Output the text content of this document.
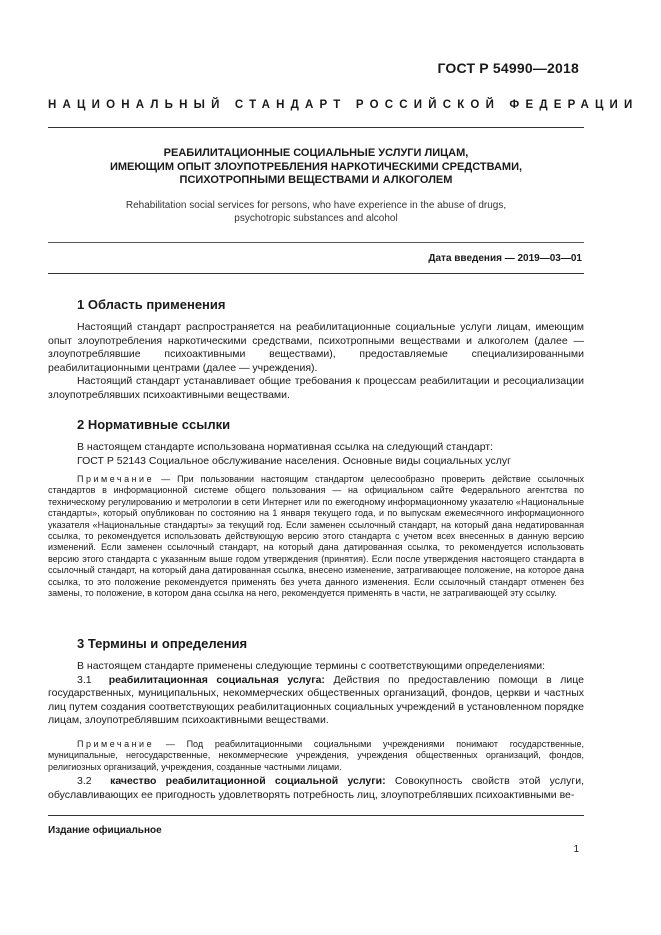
ГОСТ Р 54990—2018
НАЦИОНАЛЬНЫЙ СТАНДАРТ РОССИЙСКОЙ ФЕДЕРАЦИИ
РЕАБИЛИТАЦИОННЫЕ СОЦИАЛЬНЫЕ УСЛУГИ ЛИЦАМ,
ИМЕЮЩИМ ОПЫТ ЗЛОУПОТРЕБЛЕНИЯ НАРКОТИЧЕСКИМИ СРЕДСТВАМИ,
ПСИХОТРОПНЫМИ ВЕЩЕСТВАМИ И АЛКОГОЛЕМ
Rehabilitation social services for persons, who have experience in the abuse of drugs,
psychotropic substances and alcohol
Дата введения — 2019—03—01
1 Область применения

Настоящий стандарт распространяется на реабилитационные социальные услуги лицам, имеющим опыт злоупотребления наркотическими средствами, психотропными веществами и алкоголем (далее — злоупотреблявшие психоактивными веществами), предоставляемые специализированными реабилитационными центрами (далее — учреждения).

Настоящий стандарт устанавливает общие требования к процессам реабилитации и ресоциализации злоупотреблявших психоактивными веществами.

2 Нормативные ссылки

В настоящем стандарте использована нормативная ссылка на следующий стандарт:

ГОСТ Р 52143 Социальное обслуживание населения. Основные виды социальных услуг

Примечание — При пользовании настоящим стандартом целесообразно проверить действие ссылочных стандартов в информационной системе общего пользования — на официальном сайте Федерального агентства по техническому регулированию и метрологии в сети Интернет или по ежегодному информационному указателю «Национальные стандарты», который опубликован по состоянию на 1 января текущего года, и по выпускам ежемесячного информационного указателя «Национальные стандарты» за текущий год. Если заменен ссылочный стандарт, на который дана недатированная ссылка, то рекомендуется использовать действующую версию этого стандарта с учетом всех внесенных в данную версию изменений. Если заменен ссылочный стандарт, на который дана датированная ссылка, то рекомендуется использовать версию этого стандарта с указанным выше годом утверждения (принятия). Если после утверждения настоящего стандарта в ссылочный стандарт, на который дана датированная ссылка, внесено изменение, затрагивающее положение, на которое дана ссылка, то это положение рекомендуется применять без учета данного изменения. Если ссылочный стандарт отменен без замены, то положение, в котором дана ссылка на него, рекомендуется применять в части, не затрагивающей эту ссылку.
3 Термины и определения

В настоящем стандарте применены следующие термины с соответствующими определениями:

3.1 реабилитационная социальная услуга: Действия по предоставлению помощи в лице государственных, муниципальных, некоммерческих общественных организаций, фондов, церкви и частных лиц путем создания соответствующих реабилитационных социальных учреждений в установленном порядке лицам, злоупотреблявшим психоактивными веществами.

Примечание — Под реабилитационными социальными учреждениями понимают государственные, муниципальные, негосударственные, некоммерческие учреждения, учреждения общественных организаций, фондов, религиозных организаций, учреждения, созданные частными лицами.

3.2 качество реабилитационной социальной услуги: Совокупность свойств этой услуги, обуславливающих ее пригодность удовлетворять потребность лиц, злоупотреблявших психоактивными ве-

Издание официальное
1
